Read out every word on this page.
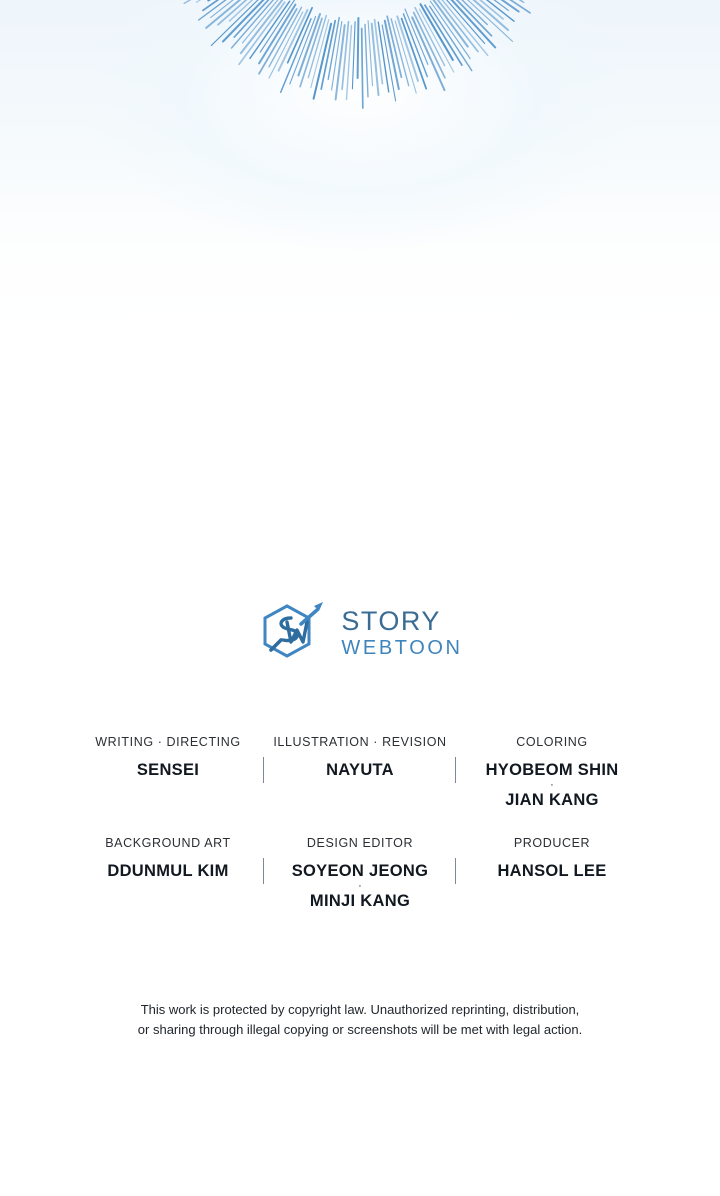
STORY
WEBTOON
WRITING · DIRECTING
SENSEI
ILLUSTRATION · REVISION
NAYUTA
COLORING
HYOBEOM SHIN
·
JIAN KANG
BACKGROUND ART
DDUNMUL KIM
DESIGN EDITOR
SOYEON JEONG
·
MINJI KANG
PRODUCER
HANSOL LEE

This work is protected by copyright law. Unauthorized reprinting, distribution,

or sharing through illegal copying or screenshots will be met with legal action.
